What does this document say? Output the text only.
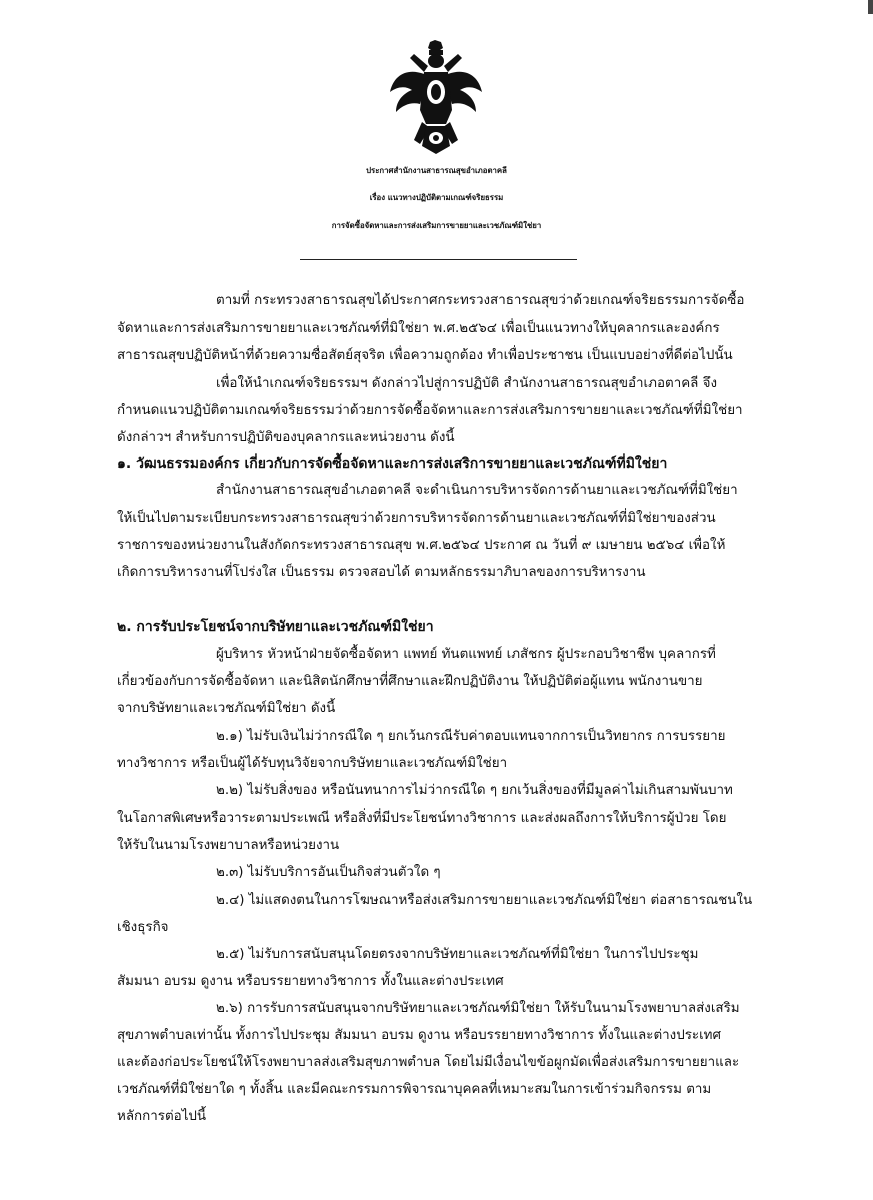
ประกาศสำนักงานสาธารณสุขอำเภอตาคลี
เรื่อง แนวทางปฏิบัติตามเกณฑ์จริยธรรม
การจัดซื้อจัดหาและการส่งเสริมการขายยาและเวชภัณฑ์มิใช่ยา
ตามที่ กระทรวงสาธารณสุขได้ประกาศกระทรวงสาธารณสุขว่าด้วยเกณฑ์จริยธรรมการจัดซื้อ
จัดหาและการส่งเสริมการขายยาและเวชภัณฑ์ที่มิใช่ยา พ.ศ.๒๕๖๔ เพื่อเป็นแนวทางให้บุคลากรและองค์กร
สาธารณสุขปฏิบัติหน้าที่ด้วยความซื่อสัตย์สุจริต เพื่อความถูกต้อง ทำเพื่อประชาชน เป็นแบบอย่างที่ดีต่อไปนั้น
เพื่อให้นำเกณฑ์จริยธรรมฯ ดังกล่าวไปสู่การปฏิบัติ สำนักงานสาธารณสุขอำเภอตาคลี จึง
กำหนดแนวปฏิบัติตามเกณฑ์จริยธรรมว่าด้วยการจัดซื้อจัดหาและการส่งเสริมการขายยาและเวชภัณฑ์ที่มิใช่ยา
ดังกล่าวฯ สำหรับการปฏิบัติของบุคลากรและหน่วยงาน ดังนี้
๑. วัฒนธรรมองค์กร เกี่ยวกับการจัดซื้อจัดหาและการส่งเสริการขายยาและเวชภัณฑ์ที่มิใช่ยา
สำนักงานสาธารณสุขอำเภอตาคลี จะดำเนินการบริหารจัดการด้านยาและเวชภัณฑ์ที่มิใช่ยา
ให้เป็นไปตามระเบียบกระทรวงสาธารณสุขว่าด้วยการบริหารจัดการด้านยาและเวชภัณฑ์ที่มิใช่ยาของส่วน
ราชการของหน่วยงานในสังกัดกระทรวงสาธารณสุข พ.ศ.๒๕๖๔ ประกาศ ณ วันที่ ๙ เมษายน ๒๕๖๔ เพื่อให้
เกิดการบริหารงานที่โปร่งใส เป็นธรรม ตรวจสอบได้ ตามหลักธรรมาภิบาลของการบริหารงาน
๒. การรับประโยชน์จากบริษัทยาและเวชภัณฑ์มิใช่ยา
ผู้บริหาร หัวหน้าฝ่ายจัดซื้อจัดหา แพทย์ ทันตแพทย์ เภสัชกร ผู้ประกอบวิชาชีพ บุคลากรที่
เกี่ยวข้องกับการจัดซื้อจัดหา และนิสิตนักศึกษาที่ศึกษาและฝึกปฏิบัติงาน ให้ปฏิบัติต่อผู้แทน พนักงานขาย
จากบริษัทยาและเวชภัณฑ์มิใช่ยา ดังนี้
๒.๑) ไม่รับเงินไม่ว่ากรณีใด ๆ ยกเว้นกรณีรับค่าตอบแทนจากการเป็นวิทยากร การบรรยาย
ทางวิชาการ หรือเป็นผู้ได้รับทุนวิจัยจากบริษัทยาและเวชภัณฑ์มิใช่ยา
๒.๒) ไม่รับสิ่งของ หรือนันทนาการไม่ว่ากรณีใด ๆ ยกเว้นสิ่งของที่มีมูลค่าไม่เกินสามพันบาท
ในโอกาสพิเศษหรือวาระตามประเพณี หรือสิ่งที่มีประโยชน์ทางวิชาการ และส่งผลถึงการให้บริการผู้ป่วย โดย
ให้รับในนามโรงพยาบาลหรือหน่วยงาน
๒.๓) ไม่รับบริการอันเป็นกิจส่วนตัวใด ๆ
๒.๔) ไม่แสดงตนในการโฆษณาหรือส่งเสริมการขายยาและเวชภัณฑ์มิใช่ยา ต่อสาธารณชนใน
เชิงธุรกิจ
๒.๕) ไม่รับการสนับสนุนโดยตรงจากบริษัทยาและเวชภัณฑ์ที่มิใช่ยา ในการไปประชุม
สัมมนา อบรม ดูงาน หรือบรรยายทางวิชาการ ทั้งในและต่างประเทศ
๒.๖) การรับการสนับสนุนจากบริษัทยาและเวชภัณฑ์มิใช่ยา ให้รับในนามโรงพยาบาลส่งเสริม
สุขภาพตำบลเท่านั้น ทั้งการไปประชุม สัมมนา อบรม ดูงาน หรือบรรยายทางวิชาการ ทั้งในและต่างประเทศ
และต้องก่อประโยชน์ให้โรงพยาบาลส่งเสริมสุขภาพตำบล โดยไม่มีเงื่อนไขข้อผูกมัดเพื่อส่งเสริมการขายยาและ
เวชภัณฑ์ที่มิใช่ยาใด ๆ ทั้งสิ้น และมีคณะกรรมการพิจารณาบุคคลที่เหมาะสมในการเข้าร่วมกิจกรรม ตาม
หลักการต่อไปนี้
